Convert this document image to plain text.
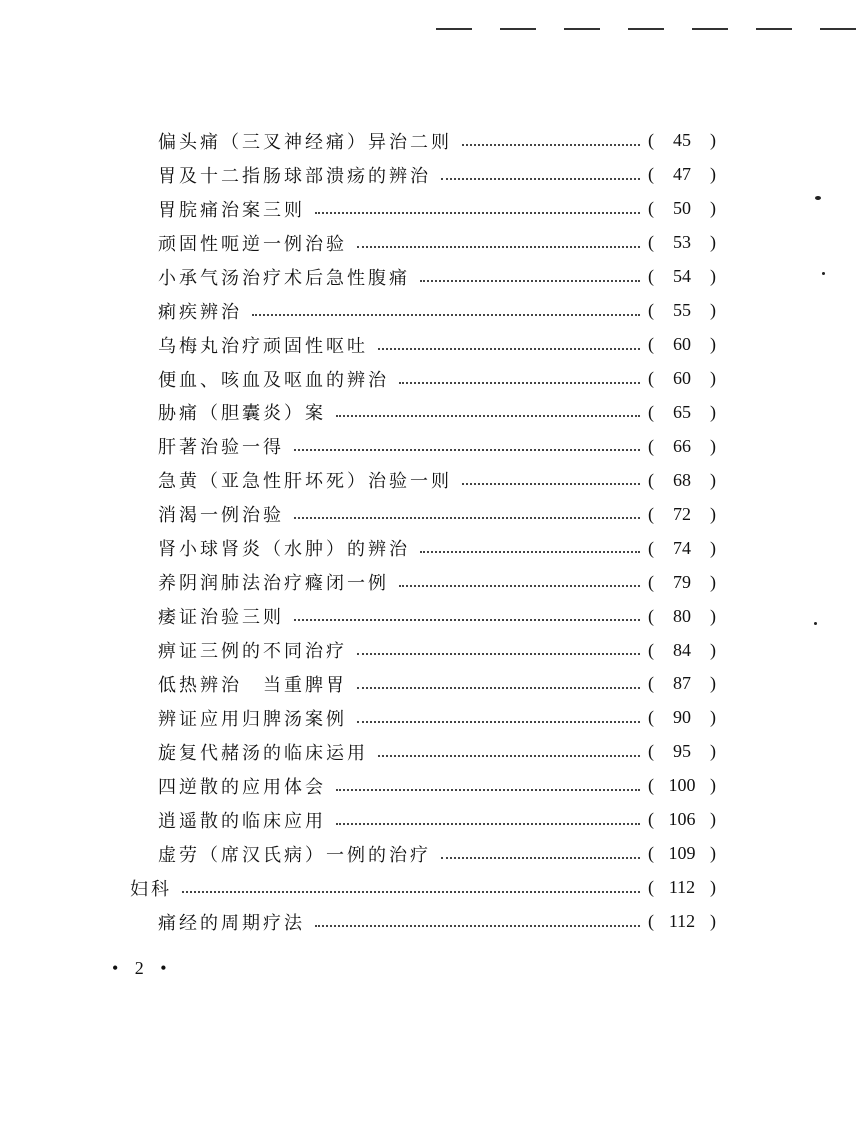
偏头痛（三叉神经痛）异治二则	(	45	)
胃及十二指肠球部溃疡的辨治	(	47	)
胃脘痛治案三则	(	50	)
顽固性呃逆一例治验	(	53	)
小承气汤治疗术后急性腹痛	(	54	)
痢疾辨治	(	55	)
乌梅丸治疗顽固性呕吐	(	60	)
便血、咳血及呕血的辨治	(	60	)
胁痛（胆囊炎）案	(	65	)
肝著治验一得	(	66	)
急黄（亚急性肝坏死）治验一则	(	68	)
消渴一例治验	(	72	)
肾小球肾炎（水肿）的辨治	(	74	)
养阴润肺法治疗癃闭一例	(	79	)
痿证治验三则	(	80	)
痹证三例的不同治疗	(	84	)
低热辨治　当重脾胃	(	87	)
辨证应用归脾汤案例	(	90	)
旋复代赭汤的临床运用	(	95	)
四逆散的应用体会	( 100 )
逍遥散的临床应用	( 106 )
虚劳（席汉氏病）一例的治疗	( 109 )
妇科	( 112 )
痛经的周期疗法	( 112 )
• 2 •
